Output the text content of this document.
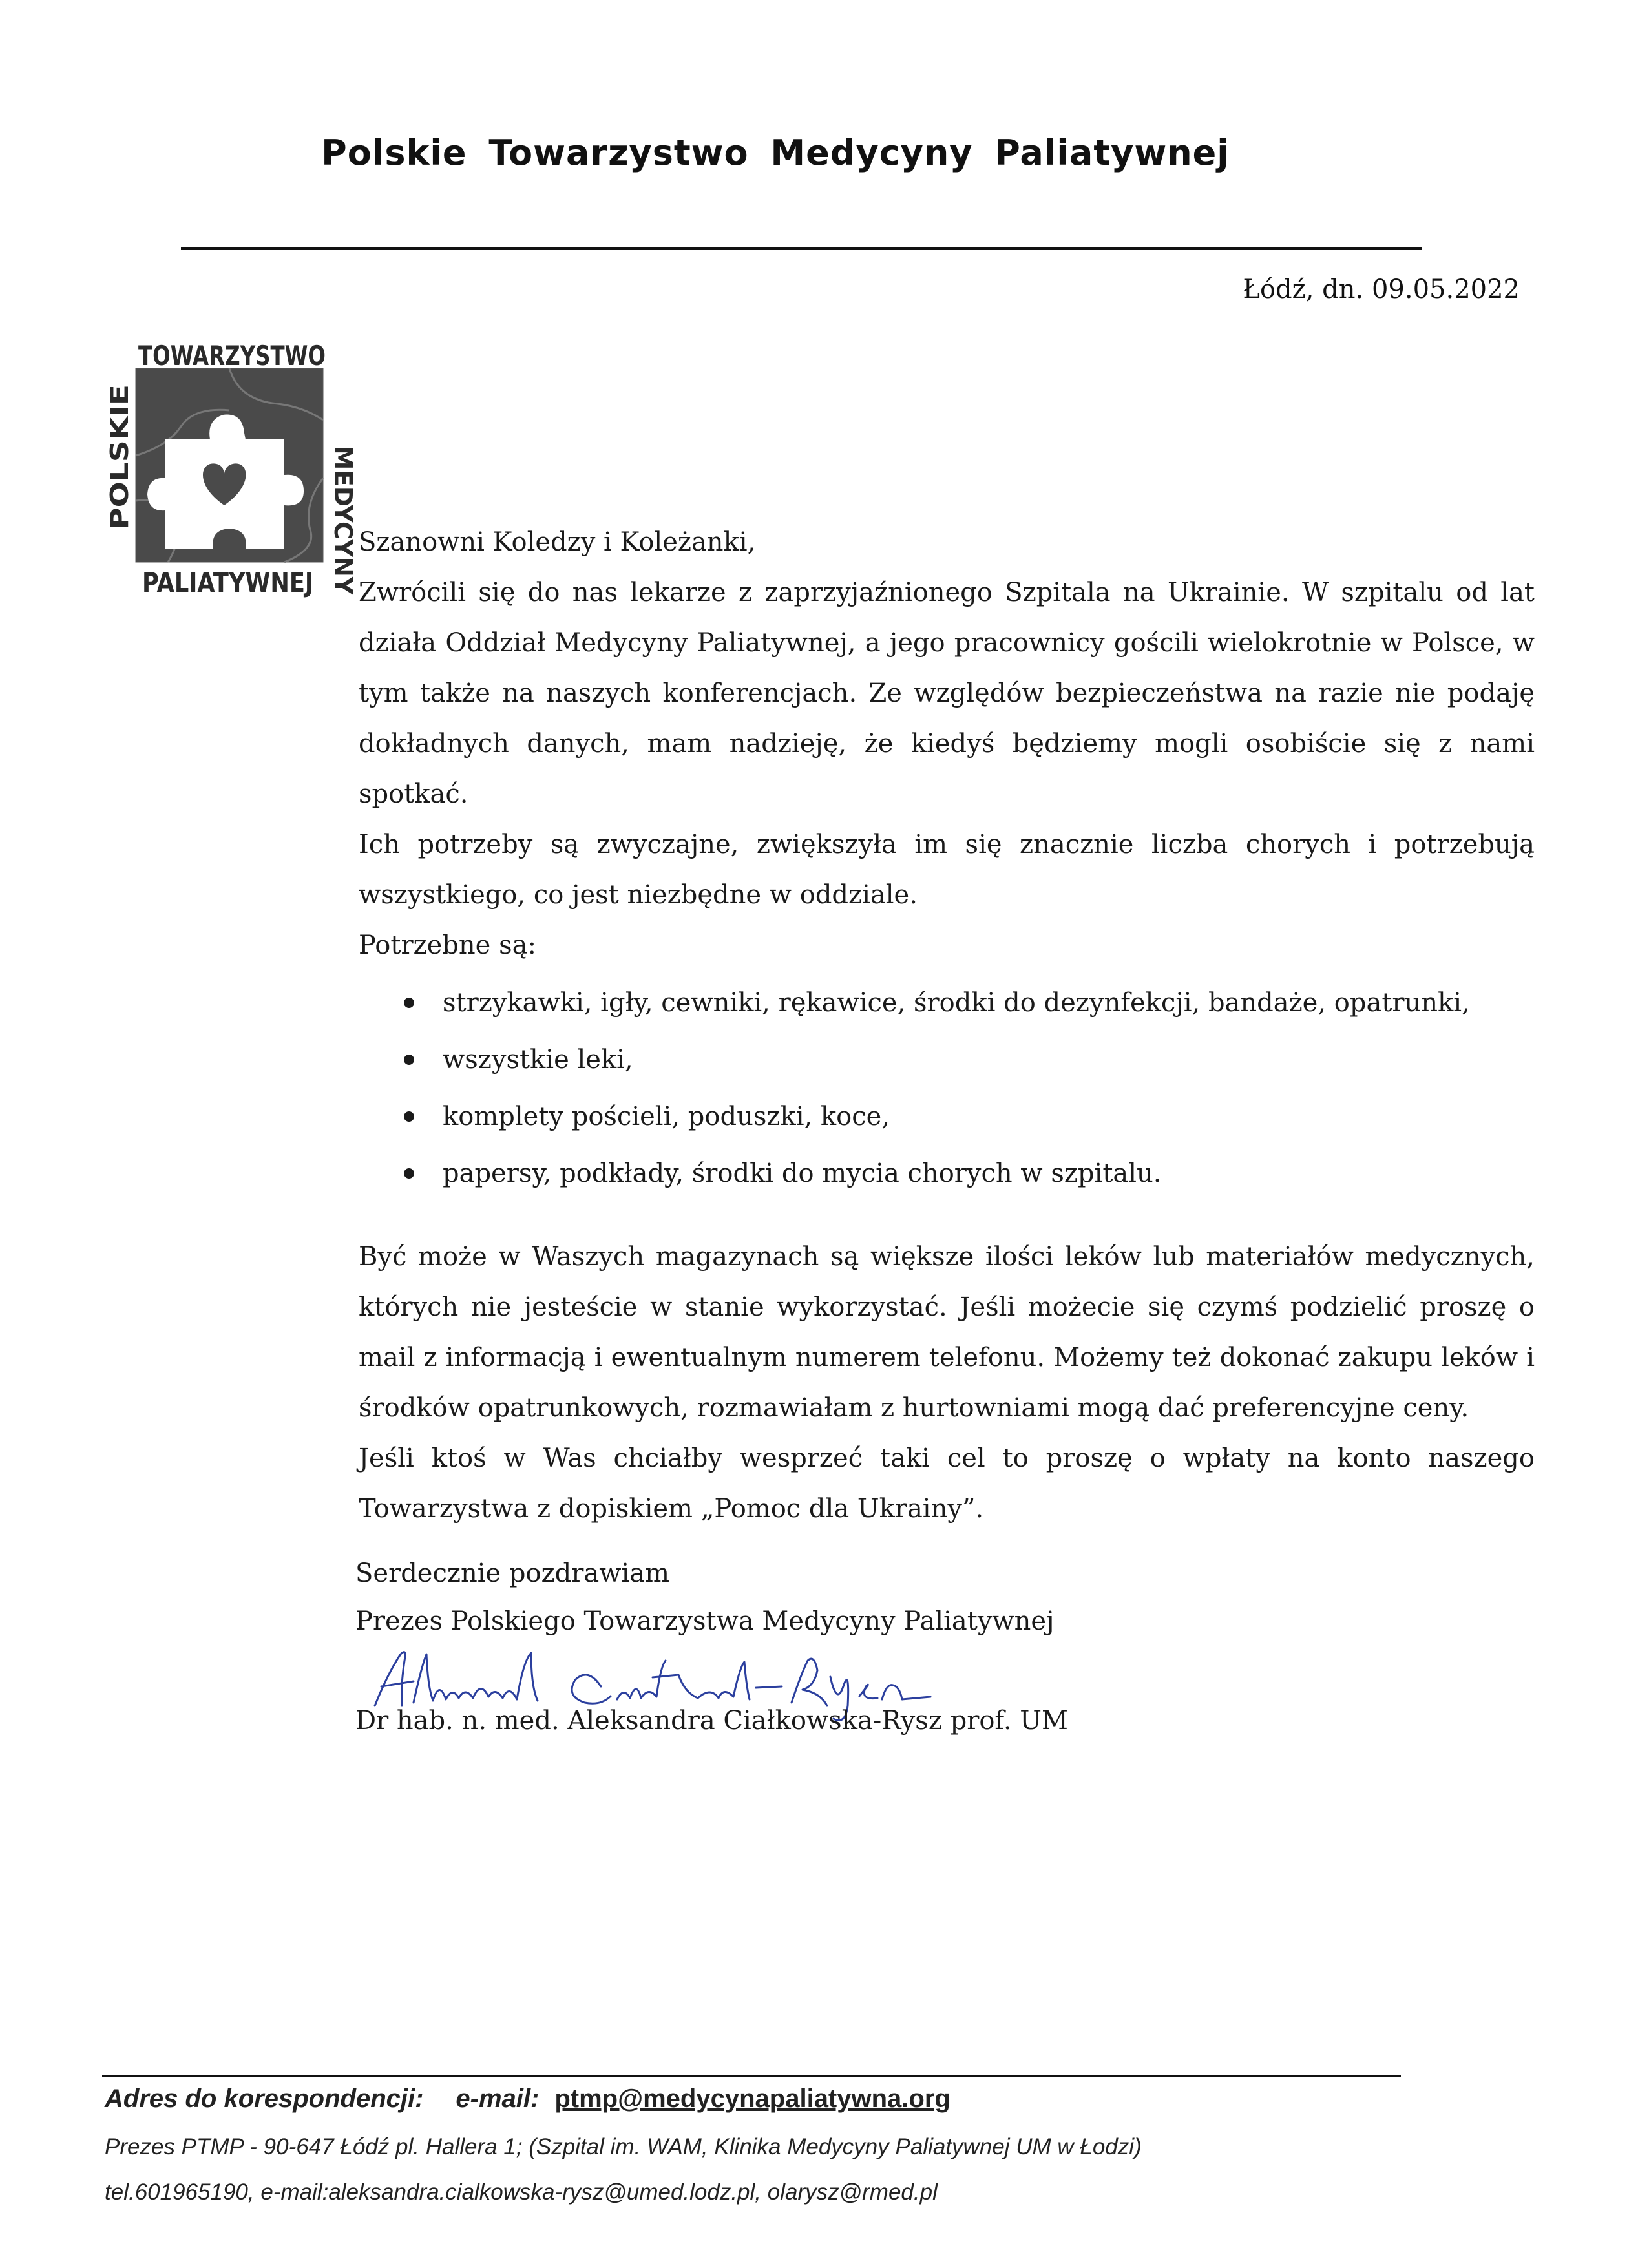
Polskie Towarzystwo Medycyny Paliatywnej
Łódź, dn. 09.05.2022
TOWARZYSTWO
POLSKIE	MEDYCYNY
PALIATYWNEJ

Szanowni Koledzy i Koleżanki,

Zwrócili się do nas lekarze z zaprzyjaźnionego Szpitala na Ukrainie. W szpitalu od lat działa Oddział Medycyny Paliatywnej, a jego pracownicy gościli wielokrotnie w Polsce, w tym także na naszych konferencjach. Ze względów bezpieczeństwa na razie nie podaję dokładnych danych, mam nadzieję, że kiedyś będziemy mogli osobiście się z nami spotkać.

Ich potrzeby są zwyczajne, zwiększyła im się znacznie liczba chorych i potrzebują wszystkiego, co jest niezbędne w oddziale.

Potrzebne są:

strzykawki, igły, cewniki, rękawice, środki do dezynfekcji, bandaże, opatrunki,
wszystkie leki,
komplety pościeli, poduszki, koce,
papersy, podkłady, środki do mycia chorych w szpitalu.

Być może w Waszych magazynach są większe ilości leków lub materiałów medycznych, których nie jesteście w stanie wykorzystać. Jeśli możecie się czymś podzielić proszę o mail z informacją i ewentualnym numerem telefonu. Możemy też dokonać zakupu leków i środków opatrunkowych, rozmawiałam z hurtowniami mogą dać preferencyjne ceny.

Jeśli ktoś w Was chciałby wesprzeć taki cel to proszę o wpłaty na konto naszego Towarzystwa z dopiskiem „Pomoc dla Ukrainy”.

Serdecznie pozdrawiam

Prezes Polskiego Towarzystwa Medycyny Paliatywnej

Dr hab. n. med. Aleksandra Ciałkowska-Rysz prof. UM
Adres do korespondencji: e-mail: ptmp@medycynapaliatywna.org
Prezes PTMP - 90-647 Łódź pl. Hallera 1; (Szpital im. WAM, Klinika Medycyny Paliatywnej UM w Łodzi)
tel.601965190, e-mail:aleksandra.cialkowska-rysz@umed.lodz.pl, olarysz@rmed.pl
